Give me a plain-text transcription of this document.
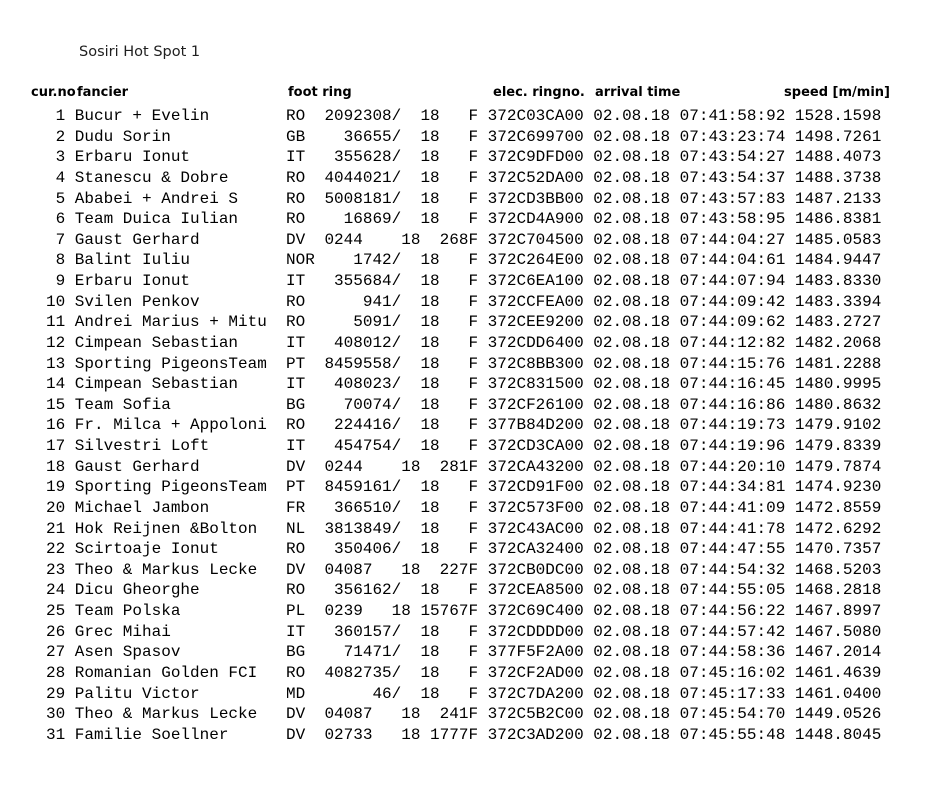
Sosiri Hot Spot 1
cur.no fancier	foot ring	elec. ringno. arrival time	speed [m/min]
1 Bucur + Evelin	RO	2092308/  18   F 372C03CA00 02.08.18 07:41:58:92 1528.1598
2 Dudu Sorin	GB	36655/  18   F 372C699700 02.08.18 07:43:23:74 1498.7261
3 Erbaru Ionut	IT	355628/  18   F 372C9DFD00 02.08.18 07:43:54:27 1488.4073
4 Stanescu & Dobre	RO	4044021/  18   F 372C52DA00 02.08.18 07:43:54:37 1488.3738
5 Ababei + Andrei S	RO	5008181/  18   F 372CD3BB00 02.08.18 07:43:57:83 1487.2133
6 Team Duica Iulian	RO	16869/  18   F 372CD4A900 02.08.18 07:43:58:95 1486.8381
7 Gaust Gerhard	DV	0244    18  268F 372C704500 02.08.18 07:44:04:27 1485.0583
8 Balint Iuliu	NOR 1742/  18   F 372C264E00 02.08.18 07:44:04:61 1484.9447
9 Erbaru Ionut	IT	355684/  18   F 372C6EA100 02.08.18 07:44:07:94 1483.8330
10 Svilen Penkov	RO	941/  18   F 372CCFEA00 02.08.18 07:44:09:42 1483.3394
11 Andrei Marius + Mitu	RO	5091/  18   F 372CEE9200 02.08.18 07:44:09:62 1483.2727
12 Cimpean Sebastian	IT	408012/  18   F 372CDD6400 02.08.18 07:44:12:82 1482.2068
13 Sporting PigeonsTeam	PT	8459558/  18   F 372C8BB300 02.08.18 07:44:15:76 1481.2288
14 Cimpean Sebastian	IT	408023/  18   F 372C831500 02.08.18 07:44:16:45 1480.9995
15 Team Sofia	BG	70074/  18   F 372CF26100 02.08.18 07:44:16:86 1480.8632
16 Fr. Milca + Appoloni	RO	224416/  18   F 377B84D200 02.08.18 07:44:19:73 1479.9102
17 Silvestri Loft	IT	454754/  18   F 372CD3CA00 02.08.18 07:44:19:96 1479.8339
18 Gaust Gerhard	DV	0244    18  281F 372CA43200 02.08.18 07:44:20:10 1479.7874
19 Sporting PigeonsTeam	PT	8459161/  18   F 372CD91F00 02.08.18 07:44:34:81 1474.9230
20 Michael Jambon	FR	366510/  18   F 372C573F00 02.08.18 07:44:41:09 1472.8559
21 Hok Reijnen &Bolton	NL	3813849/  18   F 372C43AC00 02.08.18 07:44:41:78 1472.6292
22 Scirtoaje Ionut	RO	350406/  18   F 372CA32400 02.08.18 07:44:47:55 1470.7357
23 Theo & Markus Lecke	DV	04087   18  227F 372CB0DC00 02.08.18 07:44:54:32 1468.5203
24 Dicu Gheorghe	RO	356162/  18   F 372CEA8500 02.08.18 07:44:55:05 1468.2818
25 Team Polska	PL	0239   18 15767F 372C69C400 02.08.18 07:44:56:22 1467.8997
26 Grec Mihai	IT	360157/  18   F 372CDDDD00 02.08.18 07:44:57:42 1467.5080
27 Asen Spasov	BG	71471/  18   F 377F5F2A00 02.08.18 07:44:58:36 1467.2014
28 Romanian Golden FCI	RO	4082735/  18   F 372CF2AD00 02.08.18 07:45:16:02 1461.4639
29 Palitu Victor	MD	46/  18   F 372C7DA200 02.08.18 07:45:17:33 1461.0400
30 Theo & Markus Lecke	DV	04087   18  241F 372C5B2C00 02.08.18 07:45:54:70 1449.0526
31 Familie Soellner	DV	02733   18 1777F 372C3AD200 02.08.18 07:45:55:48 1448.8045
